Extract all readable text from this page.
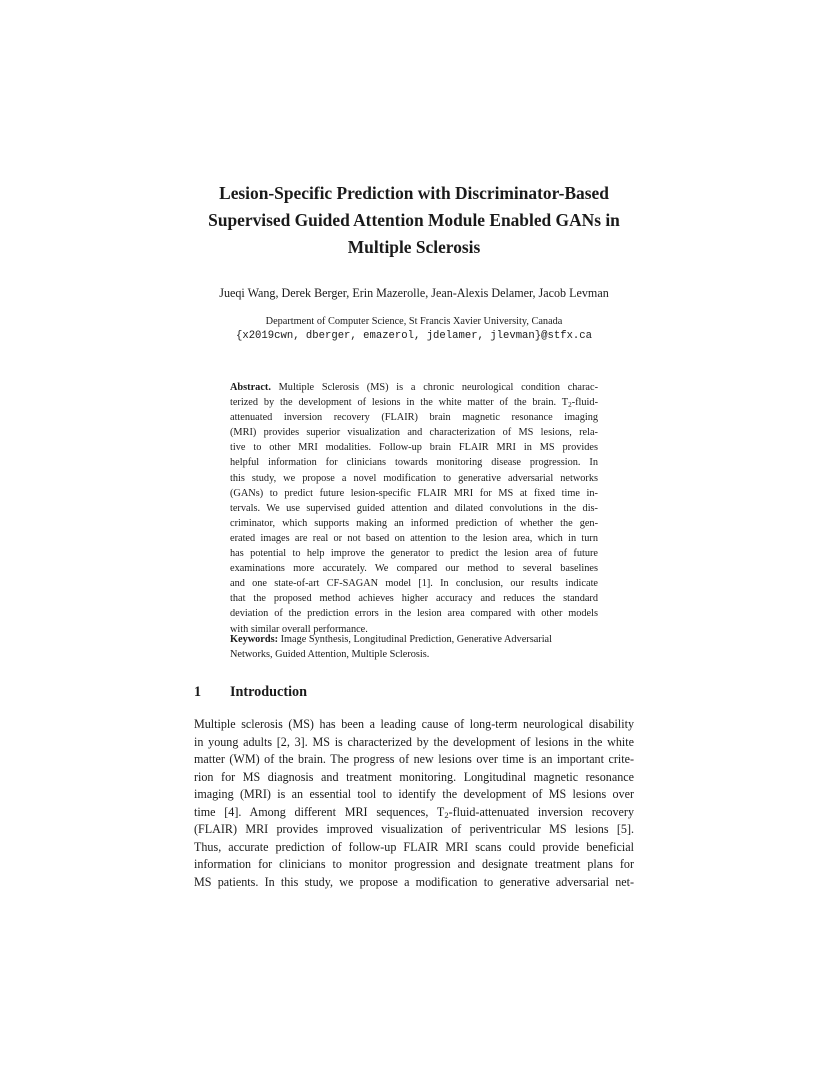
Lesion-Specific Prediction with Discriminator-Based
Supervised Guided Attention Module Enabled GANs in
Multiple Sclerosis
Jueqi Wang, Derek Berger, Erin Mazerolle, Jean-Alexis Delamer, Jacob Levman
Department of Computer Science, St Francis Xavier University, Canada
{x2019cwn, dberger, emazerol, jdelamer, jlevman}@stfx.ca
Abstract. Multiple Sclerosis (MS) is a chronic neurological condition charac-
terized by the development of lesions in the white matter of the brain. $T_2-fluid-$
attenuated inversion recovery (FLAIR) brain magnetic resonance imaging
(MRI) provides superior visualization and characterization of MS lesions, rela-
tive to other MRI modalities. Follow-up brain FLAIR MRI in MS provides
helpful information for clinicians towards monitoring disease progression. In
this study, we propose a novel modification to generative adversarial networks
(GANs) to predict future lesion-specific FLAIR MRI for MS at fixed time in-
tervals. We use supervised guided attention and dilated convolutions in the dis-
criminator, which supports making an informed prediction of whether the gen-
erated images are real or not based on attention to the lesion area, which in turn
has potential to help improve the generator to predict the lesion area of future
examinations more accurately. We compared our method to several baselines
and one state-of-art CF-SAGAN model [1]. In conclusion, our results indicate
that the proposed method achieves higher accuracy and reduces the standard
deviation of the prediction errors in the lesion area compared with other models
with similar overall performance.
Keywords: Image Synthesis, Longitudinal Prediction, Generative Adversarial
Networks, Guided Attention, Multiple Sclerosis.
1 Introduction
Multiple sclerosis (MS) has been a leading cause of long-term neurological disability
in young adults [2, 3]. MS is characterized by the development of lesions in the white
matter (WM) of the brain. The progress of new lesions over time is an important crite-
rion for MS diagnosis and treatment monitoring. Longitudinal magnetic resonance
imaging (MRI) is an essential tool to identify the development of MS lesions over
time [4]. Among different MRI sequences, $T_2-fluid$-attenuated inversion recovery
(FLAIR) MRI provides improved visualization of periventricular MS lesions [5].
Thus, accurate prediction of follow-up FLAIR MRI scans could provide beneficial
information for clinicians to monitor progression and designate treatment plans for
MS patients. In this study, we propose a modification to generative adversarial net-
